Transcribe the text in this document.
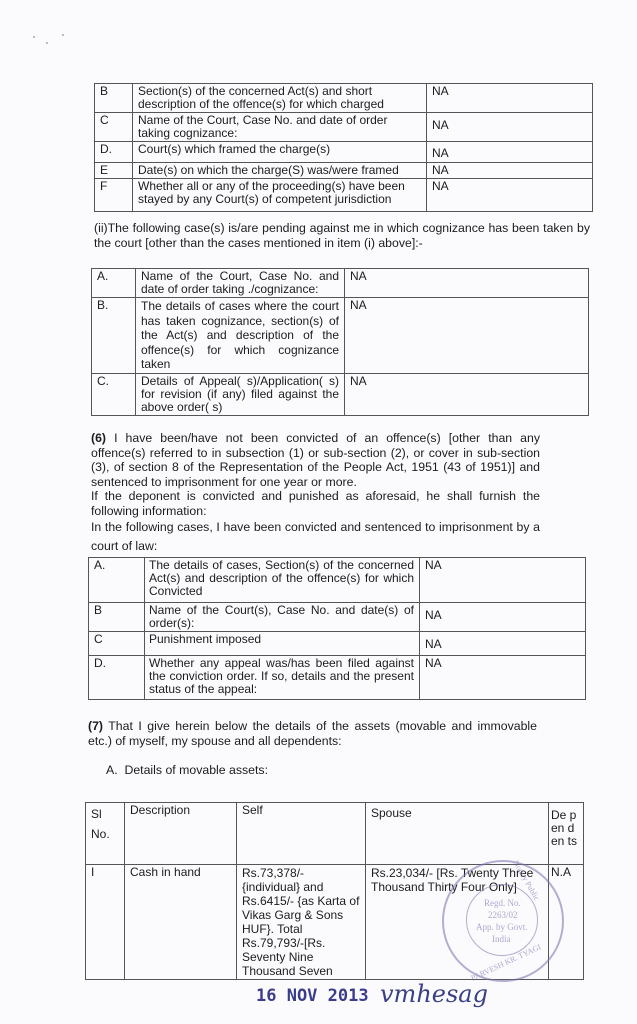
B	Section(s) of the concerned Act(s) and short description of the offence(s) for which charged	NA
C	Name of the Court, Case No. and date of order taking cognizance:	NA
D.	Court(s) which framed the charge(s)	NA
E	Date(s) on which the charge(S) was/were framed	NA
F	Whether all or any of the proceeding(s) have been stayed by any Court(s) of competent jurisdiction	NA
(ii)The following case(s) is/are pending against me in which cognizance has been taken by the court [other than the cases mentioned in item (i) above]:-
A.	Name of the Court, Case No. and date of order taking ./cognizance:	NA
B.	The details of cases where the court has taken cognizance, section(s) of the Act(s) and description of the offence(s) for which cognizance taken	NA
C.	Details of Appeal( s)/Application( s) for revision (if any) filed against the above order( s)	NA
(6) I have been/have not been convicted of an offence(s) [other than any offence(s) referred to in subsection (1) or sub-section (2), or cover in sub-section (3), of section 8 of the Representation of the People Act, 1951 (43 of 1951)] and sentenced to imprisonment for one year or more.
If the deponent is convicted and punished as aforesaid, he shall furnish the following information:
In the following cases, I have been convicted and sentenced to imprisonment by a court of law:
A.	The details of cases, Section(s) of the concerned Act(s) and description of the offence(s) for which Convicted	NA
B	Name of the Court(s), Case No. and date(s) of order(s):	NA
C	Punishment imposed	NA
D.	Whether any appeal was/has been filed against the conviction order. If so, details and the present status of the appeal:	NA
(7) That I give herein below the details of the assets (movable and immovable etc.) of myself, my spouse and all dependents:
A.  Details of movable assets:
Sl
No.	Description	Self	Spouse	De pen den ts
I	Cash in hand	Rs.73,378/- {individual} and Rs.6415/- {as Karta of Vikas Garg & Sons HUF}. Total Rs.79,793/-[Rs. Seventy Nine Thousand Seven	Rs.23,034/- [Rs. Twenty Three Thousand Thirty Four Only]	N.A
Notary Public
Regd. No.
2263/02
App. by Govt.
India
PARVESH KR. TYAGI
16 NOV 2013 vmhesag
